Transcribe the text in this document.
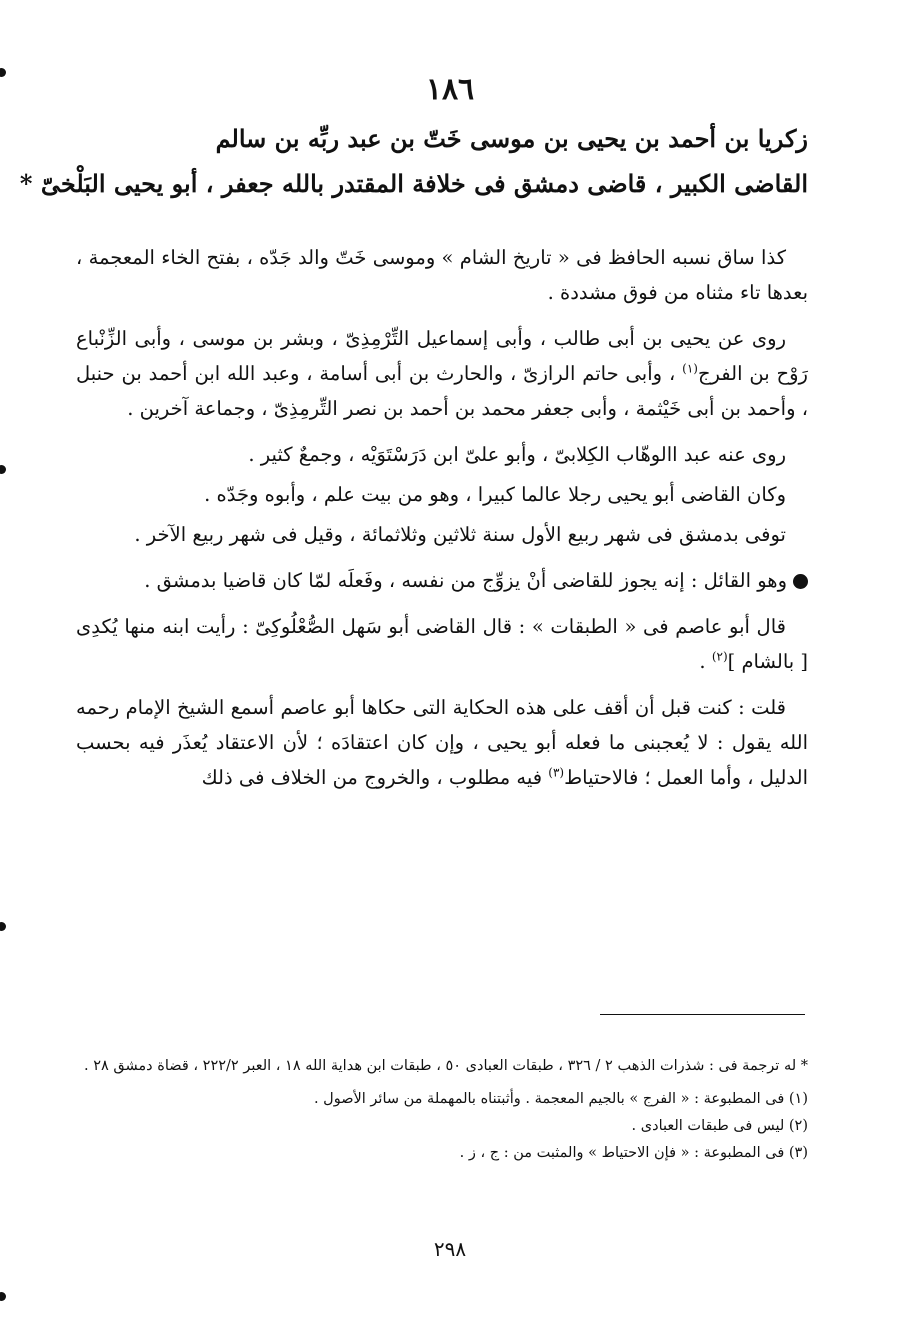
١٨٦
زكريا بن أحمد بن يحيى بن موسى خَتّ بن عبد ربِّه بن سالم
القاضى الكبير ، قاضى دمشق فى خلافة المقتدر بالله جعفر ، أبو يحيى البَلْخىّ *

كذا ساق نسبه الحافظ فى « تاريخ الشام » وموسى خَتّ والد جَدّه ، بفتح الخاء المعجمة ، بعدها تاء مثناه من فوق مشددة .

روى عن يحيى بن أبى طالب ، وأبى إسماعيل التِّرْمِذِىّ ، وبشر بن موسى ، وأبى الزِّنْباع رَوْح بن الفرج$^{(١)}$ ، وأبى حاتم الرازىّ ، والحارث بن أبى أسامة ، وعبد الله ابن أحمد بن حنبل ، وأحمد بن أبى خَيْثمة ، وأبى جعفر محمد بن أحمد بن نصر التِّرمِذِىّ ، وجماعة آخرين .

روى عنه عبد االوهّاب الكِلابىّ ، وأبو علىّ ابن دَرَسْتَوَيْه ، وجمعٌ كثير .

وكان القاضى أبو يحيى رجلا عالما كبيرا ، وهو من بيت علم ، وأبوه وجَدّه .

توفى بدمشق فى شهر ربيع الأول سنة ثلاثين وثلاثمائة ، وقيل فى شهر ربيع الآخر .

وهو القائل : إنه يجوز للقاضى أنْ يزوِّج من نفسه ، وفَعلَه لمّا كان قاضيا بدمشق .

قال أبو عاصم فى « الطبقات » : قال القاضى أبو سَهل الصُّعْلُوكِىّ : رأيت ابنه منها يُكدِى [ بالشام ]$^{(٢)}$ .

قلت : كنت قبل أن أقف على هذه الحكاية التى حكاها أبو عاصم أسمع الشيخ الإمام رحمه الله يقول : لا يُعجبنى ما فعله أبو يحيى ، وإن كان اعتقادَه ؛ لأن الاعتقاد يُعذَر فيه بحسب الدليل ، وأما العمل ؛ فالاحتياط$^{(٣)}$ فيه مطلوب ، والخروج من الخلاف فى ذلك

* له ترجمة فى : شذرات الذهب ٢ / ٣٢٦ ، طبقات العبادى ٥٠ ، طبقات ابن هداية الله ١٨ ، العبر ٢٢٢/٢ ، قضاة دمشق ٢٨ .
(١) فى المطبوعة : « الفرج » بالجيم المعجمة . وأثبتناه بالمهملة من سائر الأصول .
(٢) ليس فى طبقات العبادى .
(٣) فى المطبوعة : « فإن الاحتياط » والمثبت من : ج ، ز .
٢٩٨
